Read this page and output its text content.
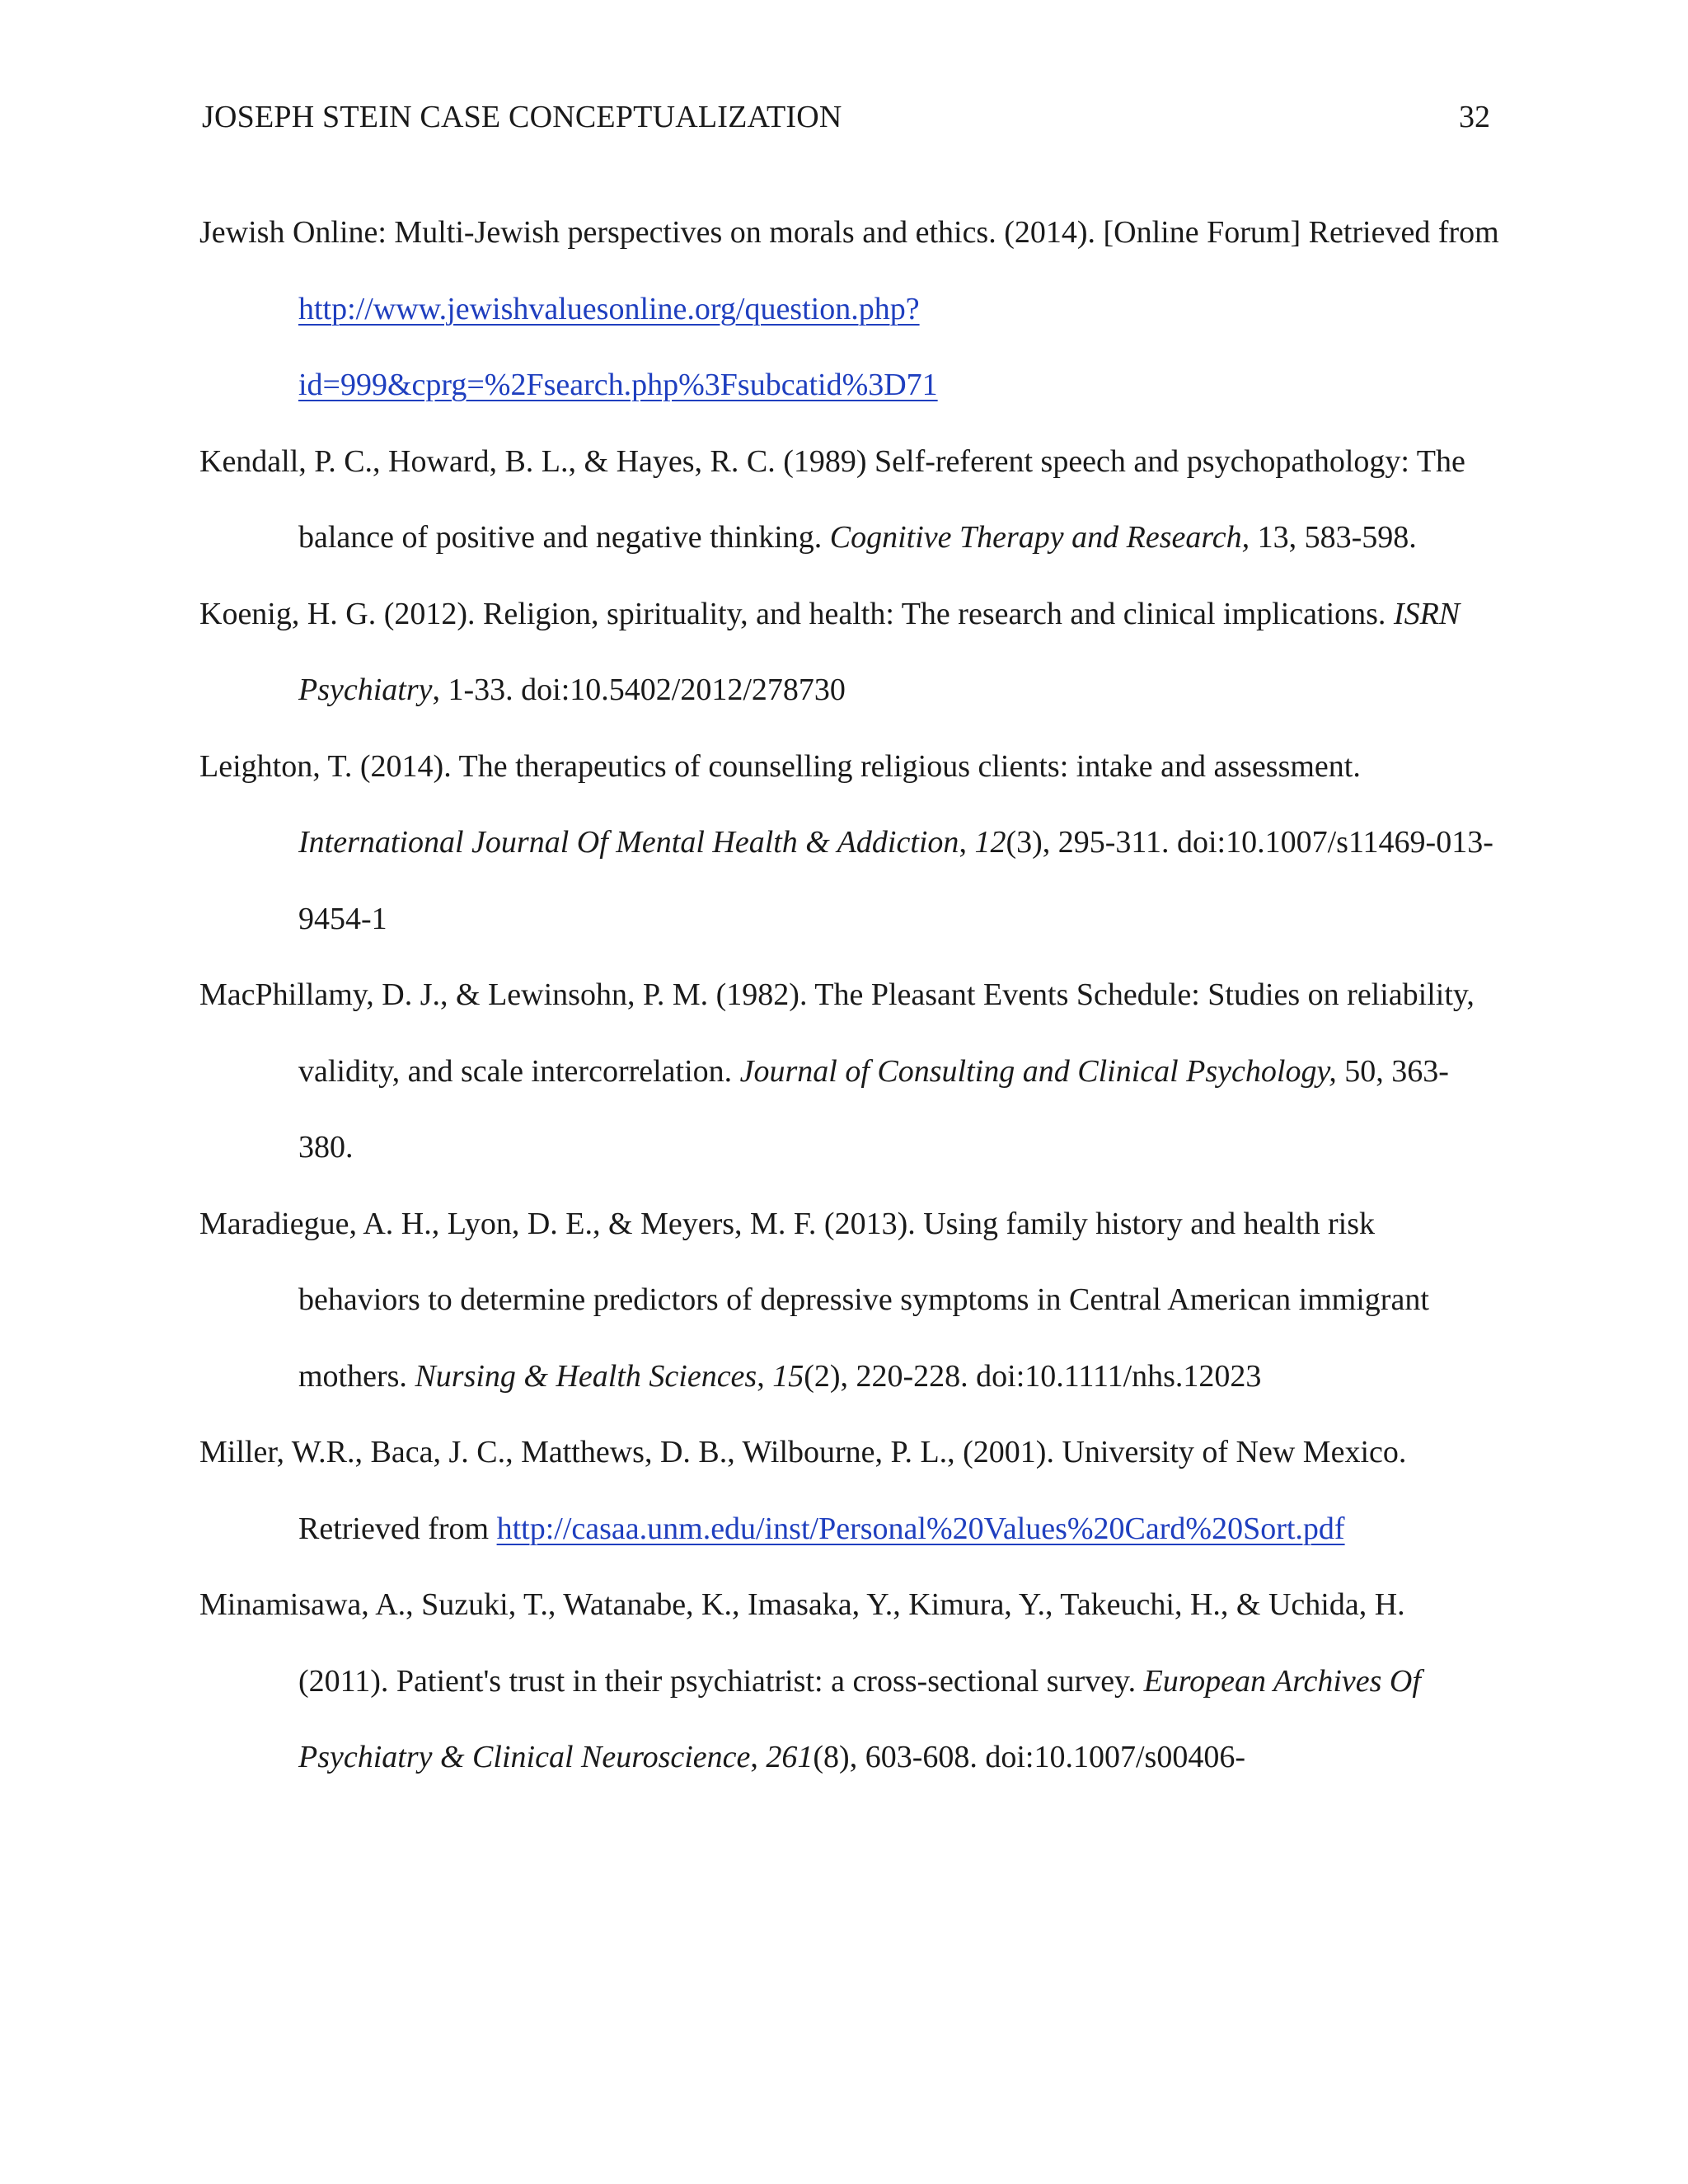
JOSEPH STEIN CASE CONCEPTUALIZATION	32

Jewish Online: Multi-Jewish perspectives on morals and ethics. (2014). [Online Forum] Retrieved from http://www.jewishvaluesonline.org/question.php?id=999&cprg=%2Fsearch.php%3Fsubcatid%3D71

Kendall, P. C., Howard, B. L., & Hayes, R. C. (1989) Self-referent speech and psychopathology: The balance of positive and negative thinking. Cognitive Therapy and Research, 13, 583-598.

Koenig, H. G. (2012). Religion, spirituality, and health: The research and clinical implications. ISRN Psychiatry, 1-33. doi:10.5402/2012/278730

Leighton, T. (2014). The therapeutics of counselling religious clients: intake and assessment. International Journal Of Mental Health & Addiction, 12(3), 295-311. doi:10.1007/s11469-013-9454-1

MacPhillamy, D. J., & Lewinsohn, P. M. (1982). The Pleasant Events Schedule: Studies on reliability, validity, and scale intercorrelation. Journal of Consulting and Clinical Psychology, 50, 363-380.

Maradiegue, A. H., Lyon, D. E., & Meyers, M. F. (2013). Using family history and health risk behaviors to determine predictors of depressive symptoms in Central American immigrant mothers. Nursing & Health Sciences, 15(2), 220-228. doi:10.1111/nhs.12023

Miller, W.R., Baca, J. C., Matthews, D. B., Wilbourne, P. L., (2001). University of New Mexico. Retrieved from http://casaa.unm.edu/inst/Personal%20Values%20Card%20Sort.pdf

Minamisawa, A., Suzuki, T., Watanabe, K., Imasaka, Y., Kimura, Y., Takeuchi, H., & Uchida, H. (2011). Patient's trust in their psychiatrist: a cross-sectional survey. European Archives Of Psychiatry & Clinical Neuroscience, 261(8), 603-608. doi:10.1007/s00406-
